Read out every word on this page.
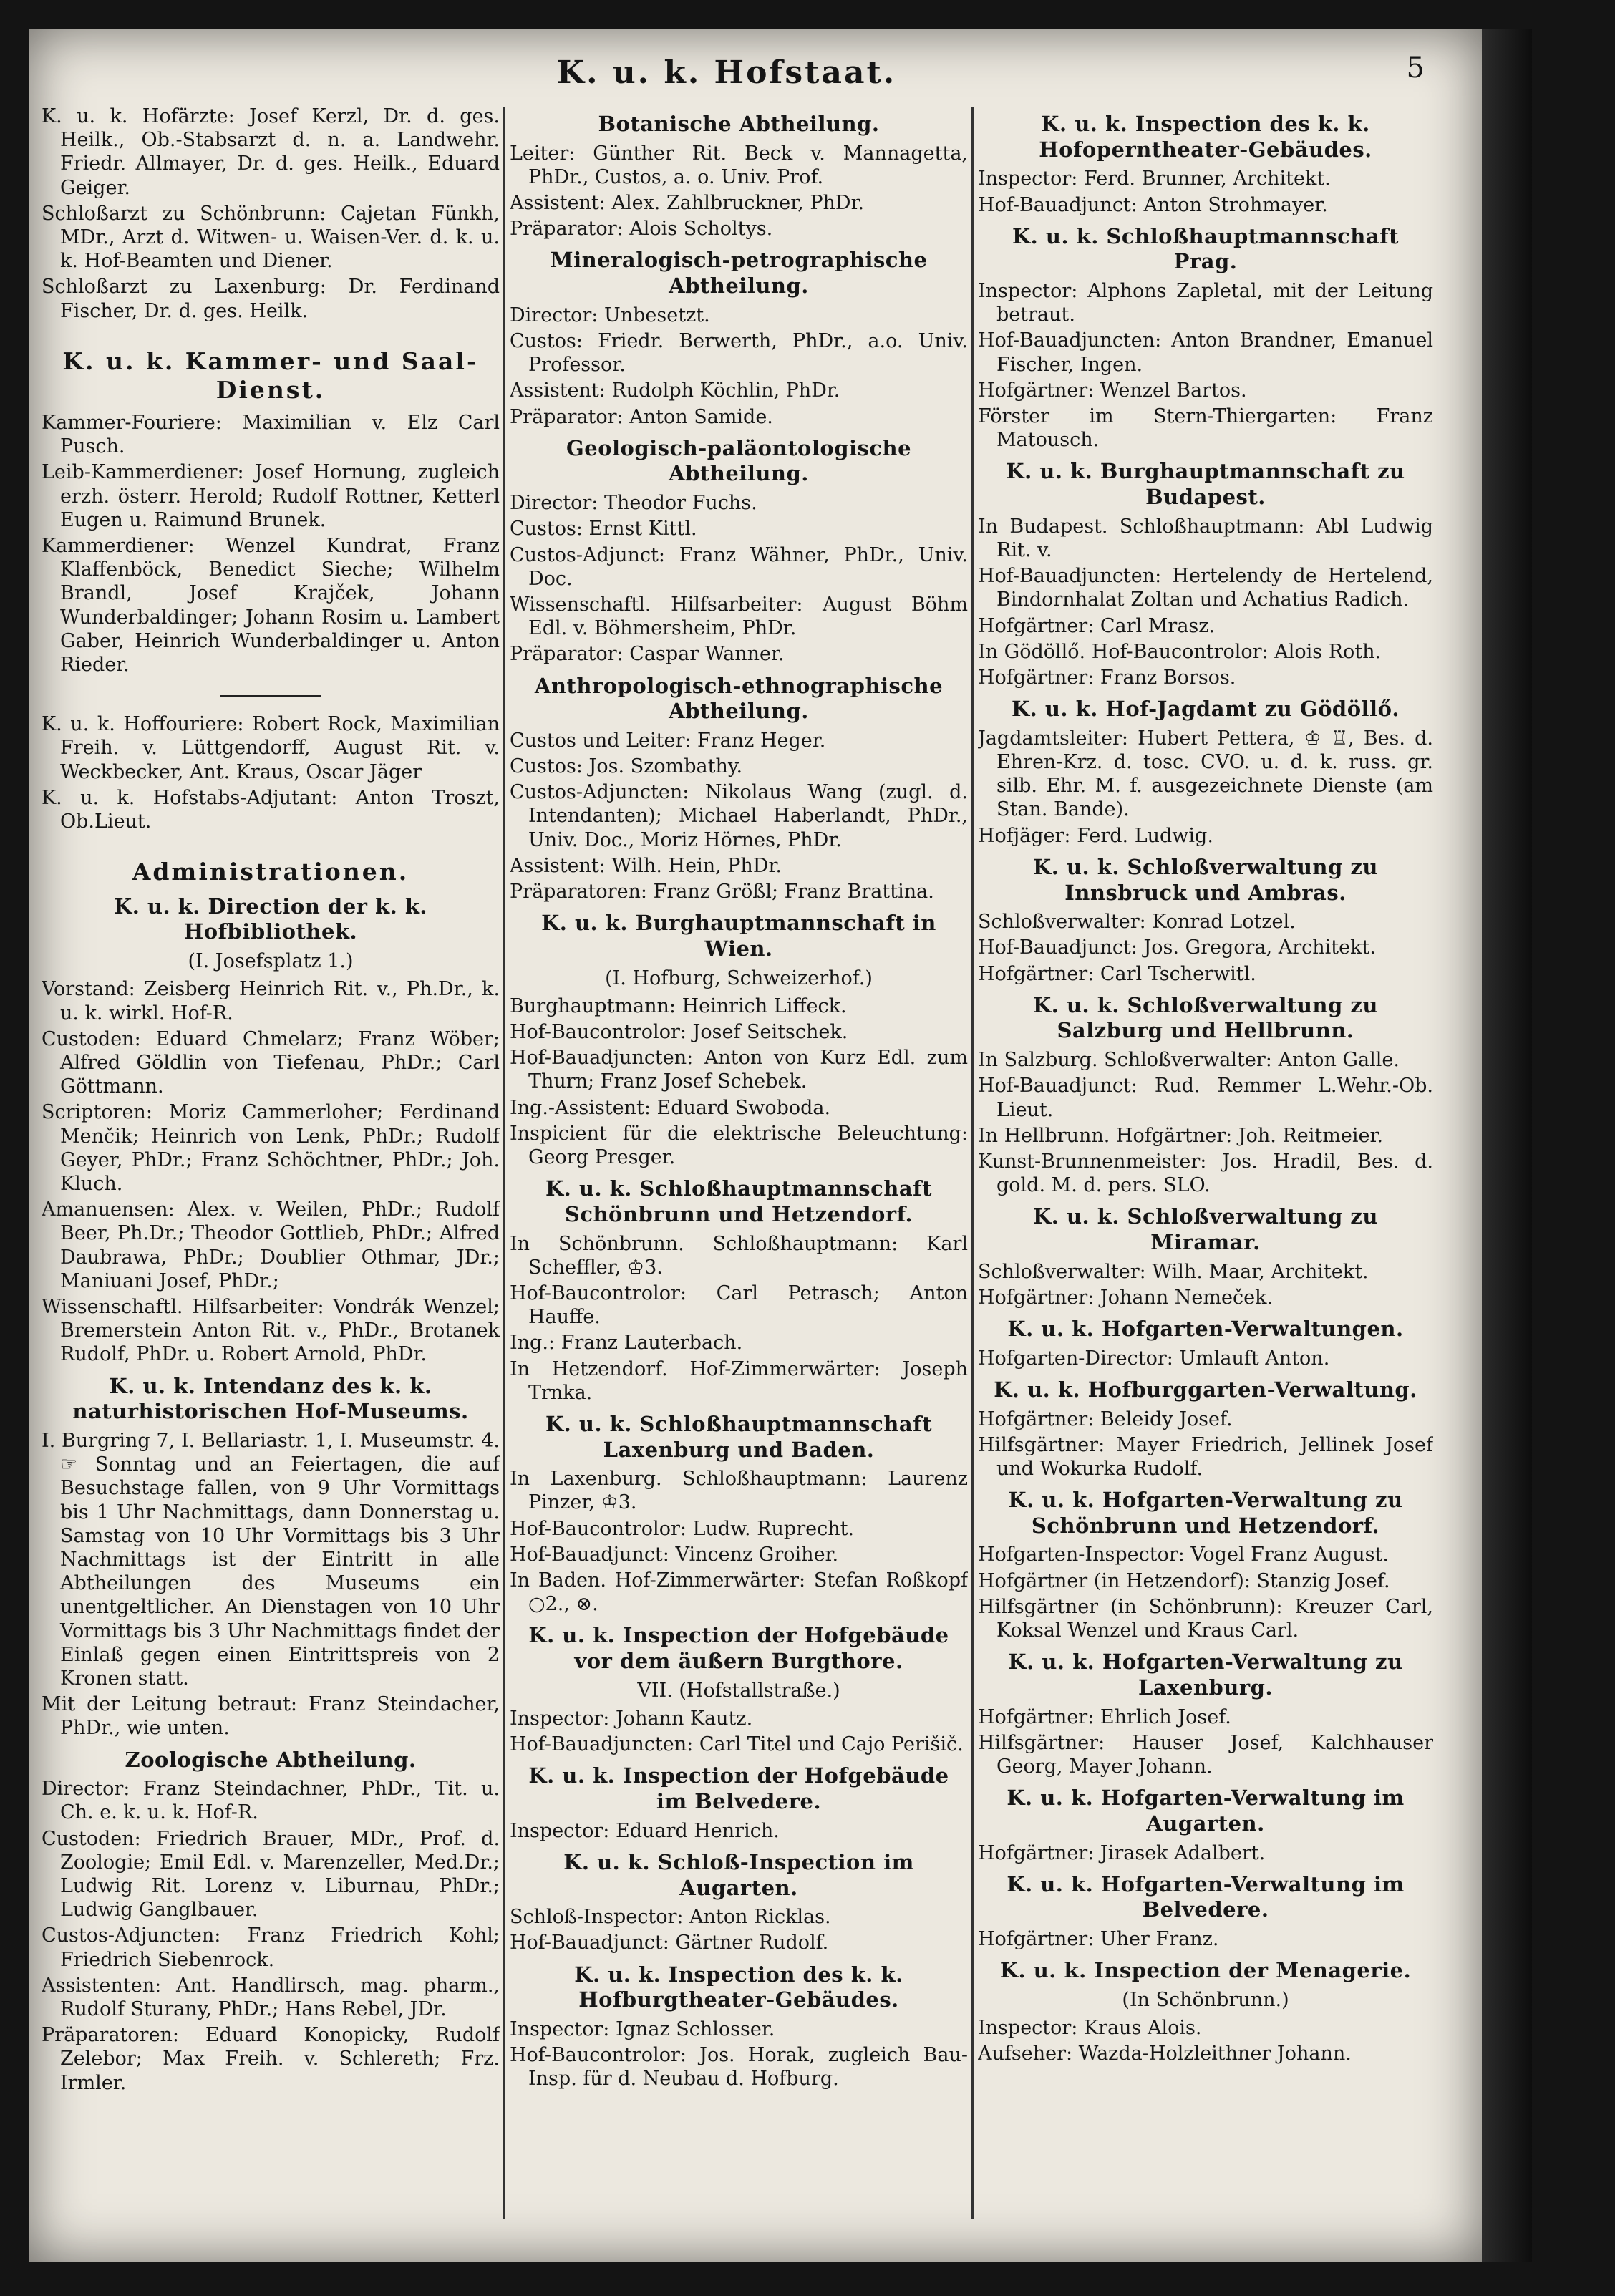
K. u. k. Hofstaat.	5

K. u. k. Hofärzte: Josef Kerzl, Dr. d. ges. Heilk., Ob.-Stabsarzt d. n. a. Landwehr. Friedr. Allmayer, Dr. d. ges. Heilk., Eduard Geiger.

Schloßarzt zu Schönbrunn: Cajetan Fünkh, MDr., Arzt d. Witwen- u. Waisen-Ver. d. k. u. k. Hof-Beamten und Diener.

Schloßarzt zu Laxenburg: Dr. Ferdinand Fischer, Dr. d. ges. Heilk.

K. u. k. Kammer- und Saal-Dienst.

Kammer-Fouriere: Maximilian v. Elz Carl Pusch.

Leib-Kammerdiener: Josef Hornung, zugleich erzh. österr. Herold; Rudolf Rottner, Ketterl Eugen u. Raimund Brunek.

Kammerdiener: Wenzel Kundrat, Franz Klaffenböck, Benedict Sieche; Wilhelm Brandl, Josef Krajček, Johann Wunderbaldinger; Johann Rosim u. Lambert Gaber, Heinrich Wunderbaldinger u. Anton Rieder.

K. u. k. Hoffouriere: Robert Rock, Maximilian Freih. v. Lüttgendorff, August Rit. v. Weckbecker, Ant. Kraus, Oscar Jäger

K. u. k. Hofstabs-Adjutant: Anton Troszt, Ob.Lieut.

Administrationen.

K. u. k. Direction der k. k. Hofbibliothek.

(I. Josefsplatz 1.)

Vorstand: Zeisberg Heinrich Rit. v., Ph.Dr., k. u. k. wirkl. Hof-R.

Custoden: Eduard Chmelarz; Franz Wöber; Alfred Göldlin von Tiefenau, PhDr.; Carl Göttmann.

Scriptoren: Moriz Cammerloher; Ferdinand Menčik; Heinrich von Lenk, PhDr.; Rudolf Geyer, PhDr.; Franz Schöchtner, PhDr.; Joh. Kluch.

Amanuensen: Alex. v. Weilen, PhDr.; Rudolf Beer, Ph.Dr.; Theodor Gottlieb, PhDr.; Alfred Daubrawa, PhDr.; Doublier Othmar, JDr.; Maniuani Josef, PhDr.;

Wissenschaftl. Hilfsarbeiter: Vondrák Wenzel; Bremerstein Anton Rit. v., PhDr., Brotanek Rudolf, PhDr. u. Robert Arnold, PhDr.

K. u. k. Intendanz des k. k. naturhistorischen Hof-Museums.

I. Burgring 7, I. Bellariastr. 1, I. Museumstr. 4. ☞ Sonntag und an Feiertagen, die auf Besuchstage fallen, von 9 Uhr Vormittags bis 1 Uhr Nachmittags, dann Donnerstag u. Samstag von 10 Uhr Vormittags bis 3 Uhr Nachmittags ist der Eintritt in alle Abtheilungen des Museums ein unentgeltlicher. An Dienstagen von 10 Uhr Vormittags bis 3 Uhr Nachmittags findet der Einlaß gegen einen Eintrittspreis von 2 Kronen statt.

Mit der Leitung betraut: Franz Steindacher, PhDr., wie unten.

Zoologische Abtheilung.

Director: Franz Steindachner, PhDr., Tit. u. Ch. e. k. u. k. Hof-R.

Custoden: Friedrich Brauer, MDr., Prof. d. Zoologie; Emil Edl. v. Marenzeller, Med.Dr.; Ludwig Rit. Lorenz v. Liburnau, PhDr.; Ludwig Ganglbauer.

Custos-Adjuncten: Franz Friedrich Kohl; Friedrich Siebenrock.

Assistenten: Ant. Handlirsch, mag. pharm., Rudolf Sturany, PhDr.; Hans Rebel, JDr.

Präparatoren: Eduard Konopicky, Rudolf Zelebor; Max Freih. v. Schlereth; Frz. Irmler.

Botanische Abtheilung.

Leiter: Günther Rit. Beck v. Mannagetta, PhDr., Custos, a. o. Univ. Prof.

Assistent: Alex. Zahlbruckner, PhDr.

Präparator: Alois Scholtys.

Mineralogisch-petrographische Abtheilung.

Director: Unbesetzt.

Custos: Friedr. Berwerth, PhDr., a.o. Univ. Professor.

Assistent: Rudolph Köchlin, PhDr.

Präparator: Anton Samide.

Geologisch-paläontologische Abtheilung.

Director: Theodor Fuchs.

Custos: Ernst Kittl.

Custos-Adjunct: Franz Wähner, PhDr., Univ. Doc.

Wissenschaftl. Hilfsarbeiter: August Böhm Edl. v. Böhmersheim, PhDr.

Präparator: Caspar Wanner.

Anthropologisch-ethnographische Abtheilung.

Custos und Leiter: Franz Heger.

Custos: Jos. Szombathy.

Custos-Adjuncten: Nikolaus Wang (zugl. d. Intendanten); Michael Haberlandt, PhDr., Univ. Doc., Moriz Hörnes, PhDr.

Assistent: Wilh. Hein, PhDr.

Präparatoren: Franz Größl; Franz Brattina.

K. u. k. Burghauptmannschaft in Wien.

(I. Hofburg, Schweizerhof.)

Burghauptmann: Heinrich Liffeck.

Hof-Baucontrolor: Josef Seitschek.

Hof-Bauadjuncten: Anton von Kurz Edl. zum Thurn; Franz Josef Schebek.

Ing.-Assistent: Eduard Swoboda.

Inspicient für die elektrische Beleuchtung: Georg Presger.

K. u. k. Schloßhauptmannschaft Schönbrunn und Hetzendorf.

In Schönbrunn. Schloßhauptmann: Karl Scheffler, ♔3.

Hof-Baucontrolor: Carl Petrasch; Anton Hauffe.

Ing.: Franz Lauterbach.

In Hetzendorf. Hof-Zimmerwärter: Joseph Trnka.

K. u. k. Schloßhauptmannschaft Laxenburg und Baden.

In Laxenburg. Schloßhauptmann: Laurenz Pinzer, ♔3.

Hof-Baucontrolor: Ludw. Ruprecht.

Hof-Bauadjunct: Vincenz Groiher.

In Baden. Hof-Zimmerwärter: Stefan Roßkopf ○2., ⊗.

K. u. k. Inspection der Hofgebäude vor dem äußern Burgthore.

VII. (Hofstallstraße.)

Inspector: Johann Kautz.

Hof-Bauadjuncten: Carl Titel und Cajo Perišič.

K. u. k. Inspection der Hofgebäude im Belvedere.

Inspector: Eduard Henrich.

K. u. k. Schloß-Inspection im Augarten.

Schloß-Inspector: Anton Ricklas.

Hof-Bauadjunct: Gärtner Rudolf.

K. u. k. Inspection des k. k. Hofburgtheater-Gebäudes.

Inspector: Ignaz Schlosser.

Hof-Baucontrolor: Jos. Horak, zugleich Bau-Insp. für d. Neubau d. Hofburg.

K. u. k. Inspection des k. k. Hofoperntheater-Gebäudes.

Inspector: Ferd. Brunner, Architekt.

Hof-Bauadjunct: Anton Strohmayer.

K. u. k. Schloßhauptmannschaft Prag.

Inspector: Alphons Zapletal, mit der Leitung betraut.

Hof-Bauadjuncten: Anton Brandner, Emanuel Fischer, Ingen.

Hofgärtner: Wenzel Bartos.

Förster im Stern-Thiergarten: Franz Matousch.

K. u. k. Burghauptmannschaft zu Budapest.

In Budapest. Schloßhauptmann: Abl Ludwig Rit. v.

Hof-Bauadjuncten: Hertelendy de Hertelend, Bindornhalat Zoltan und Achatius Radich.

Hofgärtner: Carl Mrasz.

In Gödöllő. Hof-Baucontrolor: Alois Roth.

Hofgärtner: Franz Borsos.

K. u. k. Hof-Jagdamt zu Gödöllő.

Jagdamtsleiter: Hubert Pettera, ♔ ♖, Bes. d. Ehren-Krz. d. tosc. CVO. u. d. k. russ. gr. silb. Ehr. M. f. ausgezeichnete Dienste (am Stan. Bande).

Hofjäger: Ferd. Ludwig.

K. u. k. Schloßverwaltung zu Innsbruck und Ambras.

Schloßverwalter: Konrad Lotzel.

Hof-Bauadjunct: Jos. Gregora, Architekt.

Hofgärtner: Carl Tscherwitl.

K. u. k. Schloßverwaltung zu Salzburg und Hellbrunn.

In Salzburg. Schloßverwalter: Anton Galle.

Hof-Bauadjunct: Rud. Remmer L.Wehr.-Ob. Lieut.

In Hellbrunn. Hofgärtner: Joh. Reitmeier.

Kunst-Brunnenmeister: Jos. Hradil, Bes. d. gold. M. d. pers. SLO.

K. u. k. Schloßverwaltung zu Miramar.

Schloßverwalter: Wilh. Maar, Architekt.

Hofgärtner: Johann Nemeček.

K. u. k. Hofgarten-Verwaltungen.

Hofgarten-Director: Umlauft Anton.

K. u. k. Hofburggarten-Verwaltung.

Hofgärtner: Beleidy Josef.

Hilfsgärtner: Mayer Friedrich, Jellinek Josef und Wokurka Rudolf.

K. u. k. Hofgarten-Verwaltung zu Schönbrunn und Hetzendorf.

Hofgarten-Inspector: Vogel Franz August.

Hofgärtner (in Hetzendorf): Stanzig Josef.

Hilfsgärtner (in Schönbrunn): Kreuzer Carl, Koksal Wenzel und Kraus Carl.

K. u. k. Hofgarten-Verwaltung zu Laxenburg.

Hofgärtner: Ehrlich Josef.

Hilfsgärtner: Hauser Josef, Kalchhauser Georg, Mayer Johann.

K. u. k. Hofgarten-Verwaltung im Augarten.

Hofgärtner: Jirasek Adalbert.

K. u. k. Hofgarten-Verwaltung im Belvedere.

Hofgärtner: Uher Franz.

K. u. k. Inspection der Menagerie.

(In Schönbrunn.)

Inspector: Kraus Alois.

Aufseher: Wazda-Holzleithner Johann.
